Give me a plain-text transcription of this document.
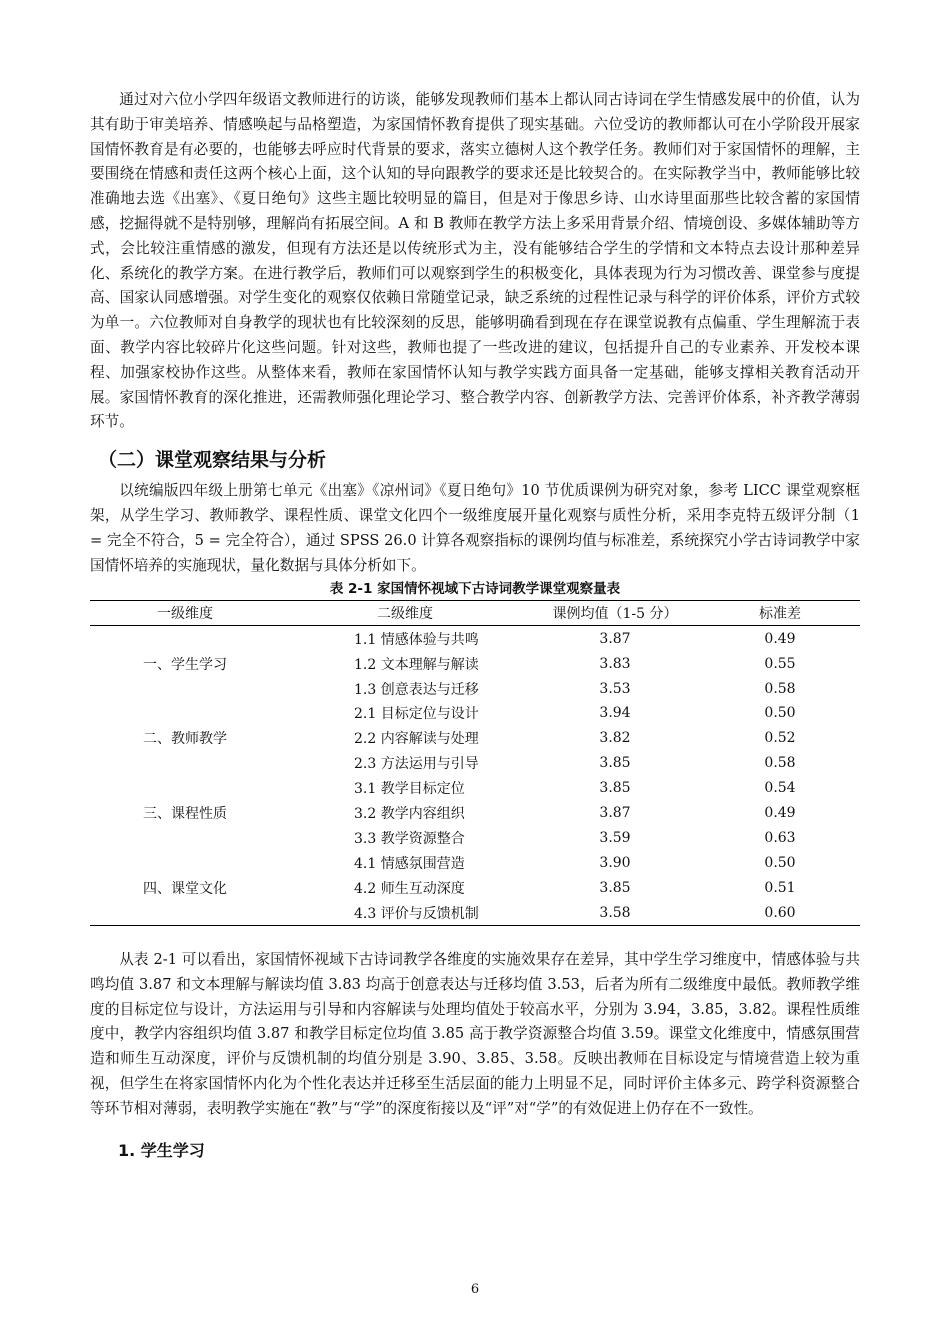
通过对六位小学四年级语文教师进行的访谈，能够发现教师们基本上都认同古诗词在学生情感发展中的价值，认为其有助于审美培养、情感唤起与品格塑造，为家国情怀教育提供了现实基础。六位受访的教师都认可在小学阶段开展家国情怀教育是有必要的，也能够去呼应时代背景的要求，落实立德树人这个教学任务。教师们对于家国情怀的理解，主要围绕在情感和责任这两个核心上面，这个认知的导向跟教学的要求还是比较契合的。在实际教学当中，教师能够比较准确地去选《出塞》、《夏日绝句》这些主题比较明显的篇目，但是对于像思乡诗、山水诗里面那些比较含蓄的家国情感，挖掘得就不是特别够，理解尚有拓展空间。A 和 B 教师在教学方法上多采用背景介绍、情境创设、多媒体辅助等方式，会比较注重情感的激发，但现有方法还是以传统形式为主，没有能够结合学生的学情和文本特点去设计那种差异化、系统化的教学方案。在进行教学后，教师们可以观察到学生的积极变化，具体表现为行为习惯改善、课堂参与度提高、国家认同感增强。对学生变化的观察仅依赖日常随堂记录，缺乏系统的过程性记录与科学的评价体系，评价方式较为单一。六位教师对自身教学的现状也有比较深刻的反思，能够明确看到现在存在课堂说教有点偏重、学生理解流于表面、教学内容比较碎片化这些问题。针对这些，教师也提了一些改进的建议，包括提升自己的专业素养、开发校本课程、加强家校协作这些。从整体来看，教师在家国情怀认知与教学实践方面具备一定基础，能够支撑相关教育活动开展。家国情怀教育的深化推进，还需教师强化理论学习、整合教学内容、创新教学方法、完善评价体系，补齐教学薄弱环节。

（二）课堂观察结果与分析

以统编版四年级上册第七单元《出塞》《凉州词》《夏日绝句》10 节优质课例为研究对象，参考 LICC 课堂观察框架，从学生学习、教师教学、课程性质、课堂文化四个一级维度展开量化观察与质性分析，采用李克特五级评分制（1 = 完全不符合，5 = 完全符合），通过 SPSS 26.0 计算各观察指标的课例均值与标准差，系统探究小学古诗词教学中家国情怀培养的实施现状，量化数据与具体分析如下。

表 2-1 家国情怀视域下古诗词教学课堂观察量表

一级维度	二级维度	课例均值（1-5 分）	标准差
一、学生学习	1.1 情感体验与共鸣	3.87	0.49
	1.2 文本理解与解读	3.83	0.55
	1.3 创意表达与迁移	3.53	0.58
二、教师教学	2.1 目标定位与设计	3.94	0.50
	2.2 内容解读与处理	3.82	0.52
	2.3 方法运用与引导	3.85	0.58
三、课程性质	3.1 教学目标定位	3.85	0.54
	3.2 教学内容组织	3.87	0.49
	3.3 教学资源整合	3.59	0.63
四、课堂文化	4.1 情感氛围营造	3.90	0.50
	4.2 师生互动深度	3.85	0.51
	4.3 评价与反馈机制	3.58	0.60

从表 2-1 可以看出，家国情怀视域下古诗词教学各维度的实施效果存在差异，其中学生学习维度中，情感体验与共鸣均值 3.87 和文本理解与解读均值 3.83 均高于创意表达与迁移均值 3.53，后者为所有二级维度中最低。教师教学维度的目标定位与设计，方法运用与引导和内容解读与处理均值处于较高水平，分别为 3.94，3.85，3.82。课程性质维度中，教学内容组织均值 3.87 和教学目标定位均值 3.85 高于教学资源整合均值 3.59。课堂文化维度中，情感氛围营造和师生互动深度，评价与反馈机制的均值分别是 3.90、3.85、3.58。反映出教师在目标设定与情境营造上较为重视，但学生在将家国情怀内化为个性化表达并迁移至生活层面的能力上明显不足，同时评价主体多元、跨学科资源整合等环节相对薄弱，表明教学实施在“教”与“学”的深度衔接以及“评”对“学”的有效促进上仍存在不一致性。

1. 学生学习
6
